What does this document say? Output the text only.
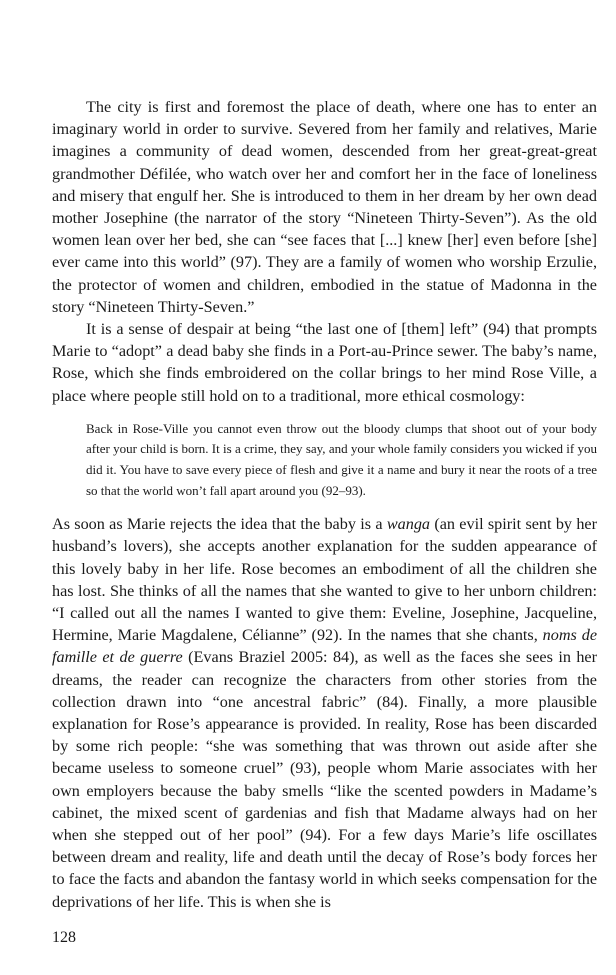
The city is first and foremost the place of death, where one has to enter an imaginary world in order to survive. Severed from her family and relatives, Marie imagines a community of dead women, descended from her great-great-great grandmother Défilée, who watch over her and comfort her in the face of loneliness and misery that engulf her. She is introduced to them in her dream by her own dead mother Josephine (the narrator of the story “Nineteen Thirty-Seven”). As the old women lean over her bed, she can “see faces that [...] knew [her] even before [she] ever came into this world” (97). They are a family of women who worship Erzulie, the protector of women and children, embodied in the statue of Madonna in the story “Nineteen Thirty-Seven.”

It is a sense of despair at being “the last one of [them] left” (94) that prompts Marie to “adopt” a dead baby she finds in a Port-au-Prince sewer. The baby’s name, Rose, which she finds embroidered on the collar brings to her mind Rose Ville, a place where people still hold on to a traditional, more ethical cosmology:

Back in Rose-Ville you cannot even throw out the bloody clumps that shoot out of your body after your child is born. It is a crime, they say, and your whole family considers you wicked if you did it. You have to save every piece of flesh and give it a name and bury it near the roots of a tree so that the world won’t fall apart around you (92–93).

As soon as Marie rejects the idea that the baby is a wanga (an evil spirit sent by her husband’s lovers), she accepts another explanation for the sudden appearance of this lovely baby in her life. Rose becomes an embodiment of all the children she has lost. She thinks of all the names that she wanted to give to her unborn children: “I called out all the names I wanted to give them: Eveline, Josephine, Jacqueline, Hermine, Marie Magdalene, Célianne” (92). In the names that she chants, noms de famille et de guerre (Evans Braziel 2005: 84), as well as the faces she sees in her dreams, the reader can recognize the characters from other stories from the collection drawn into “one ancestral fabric” (84). Finally, a more plausible explanation for Rose’s appearance is provided. In reality, Rose has been discarded by some rich people: “she was something that was thrown out aside after she became useless to someone cruel” (93), people whom Marie associates with her own employers because the baby smells “like the scented powders in Madame’s cabinet, the mixed scent of gardenias and fish that Madame always had on her when she stepped out of her pool” (94). For a few days Marie’s life oscillates between dream and reality, life and death until the decay of Rose’s body forces her to face the facts and abandon the fantasy world in which seeks compensation for the deprivations of her life. This is when she is

128
